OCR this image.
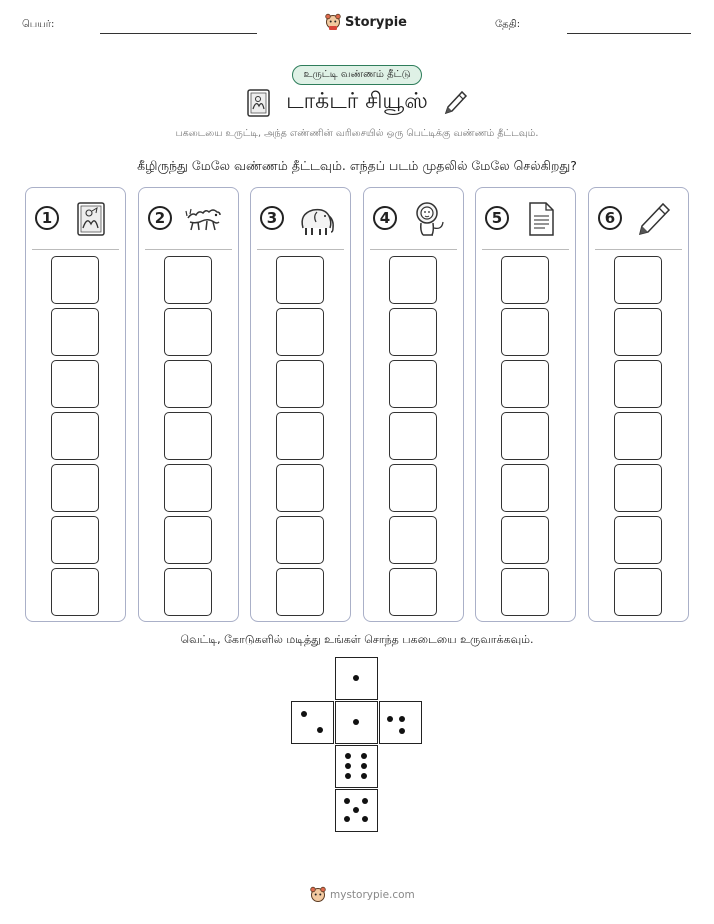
பெயர்:	Storypie	தேதி:
உருட்டி வண்ணம் தீட்டு
டாக்டர் சியூஸ்
பகடையை உருட்டி, அந்த எண்ணின் வரிசையில் ஒரு பெட்டிக்கு வண்ணம் தீட்டவும்.
கீழிருந்து மேலே வண்ணம் தீட்டவும். எந்தப் படம் முதலில் மேலே செல்கிறது?
1	2	3	4	5	6
வெட்டி, கோடுகளில் மடித்து உங்கள் சொந்த பகடையை உருவாக்கவும்.
mystorypie.com
